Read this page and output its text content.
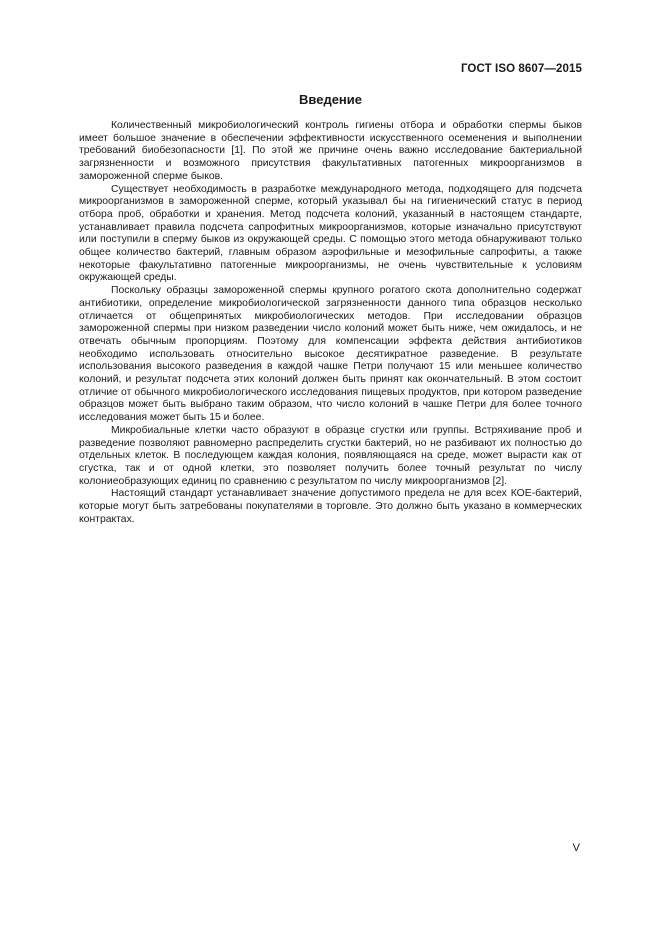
ГОСТ ISO 8607—2015
Введение

Количественный микробиологический контроль гигиены отбора и обработки спермы быков имеет большое значение в обеспечении эффективности искусственного осеменения и выполнении требований биобезопасности [1]. По этой же причине очень важно исследование бактериальной загрязненности и возможного присутствия факультативных патогенных микроорганизмов в замороженной сперме быков.

Существует необходимость в разработке международного метода, подходящего для подсчета микроорганизмов в замороженной сперме, который указывал бы на гигиенический статус в период отбора проб, обработки и хранения. Метод подсчета колоний, указанный в настоящем стандарте, устанавливает правила подсчета сапрофитных микроорганизмов, которые изначально присутствуют или поступили в сперму быков из окружающей среды. С помощью этого метода обнаруживают только общее количество бактерий, главным образом аэрофильные и мезофильные сапрофиты, а также некоторые факультативно патогенные микроорганизмы, не очень чувствительные к условиям окружающей среды.

Поскольку образцы замороженной спермы крупного рогатого скота дополнительно содержат антибиотики, определение микробиологической загрязненности данного типа образцов несколько отличается от общепринятых микробиологических методов. При исследовании образцов замороженной спермы при низком разведении число колоний может быть ниже, чем ожидалось, и не отвечать обычным пропорциям. Поэтому для компенсации эффекта действия антибиотиков необходимо использовать относительно высокое десятикратное разведение. В результате использования высокого разведения в каждой чашке Петри получают 15 или меньшее количество колоний, и результат подсчета этих колоний должен быть принят как окончательный. В этом состоит отличие от обычного микробиологического исследования пищевых продуктов, при котором разведение образцов может быть выбрано таким образом, что число колоний в чашке Петри для более точного исследования может быть 15 и более.

Микробиальные клетки часто образуют в образце сгустки или группы. Встряхивание проб и разведение позволяют равномерно распределить сгустки бактерий, но не разбивают их полностью до отдельных клеток. В последующем каждая колония, появляющаяся на среде, может вырасти как от сгустка, так и от одной клетки, это позволяет получить более точный результат по числу колониеобразующих единиц по сравнению с результатом по числу микроорганизмов [2].

Настоящий стандарт устанавливает значение допустимого предела не для всех КОЕ-бактерий, которые могут быть затребованы покупателями в торговле. Это должно быть указано в коммерческих контрактах.

V
